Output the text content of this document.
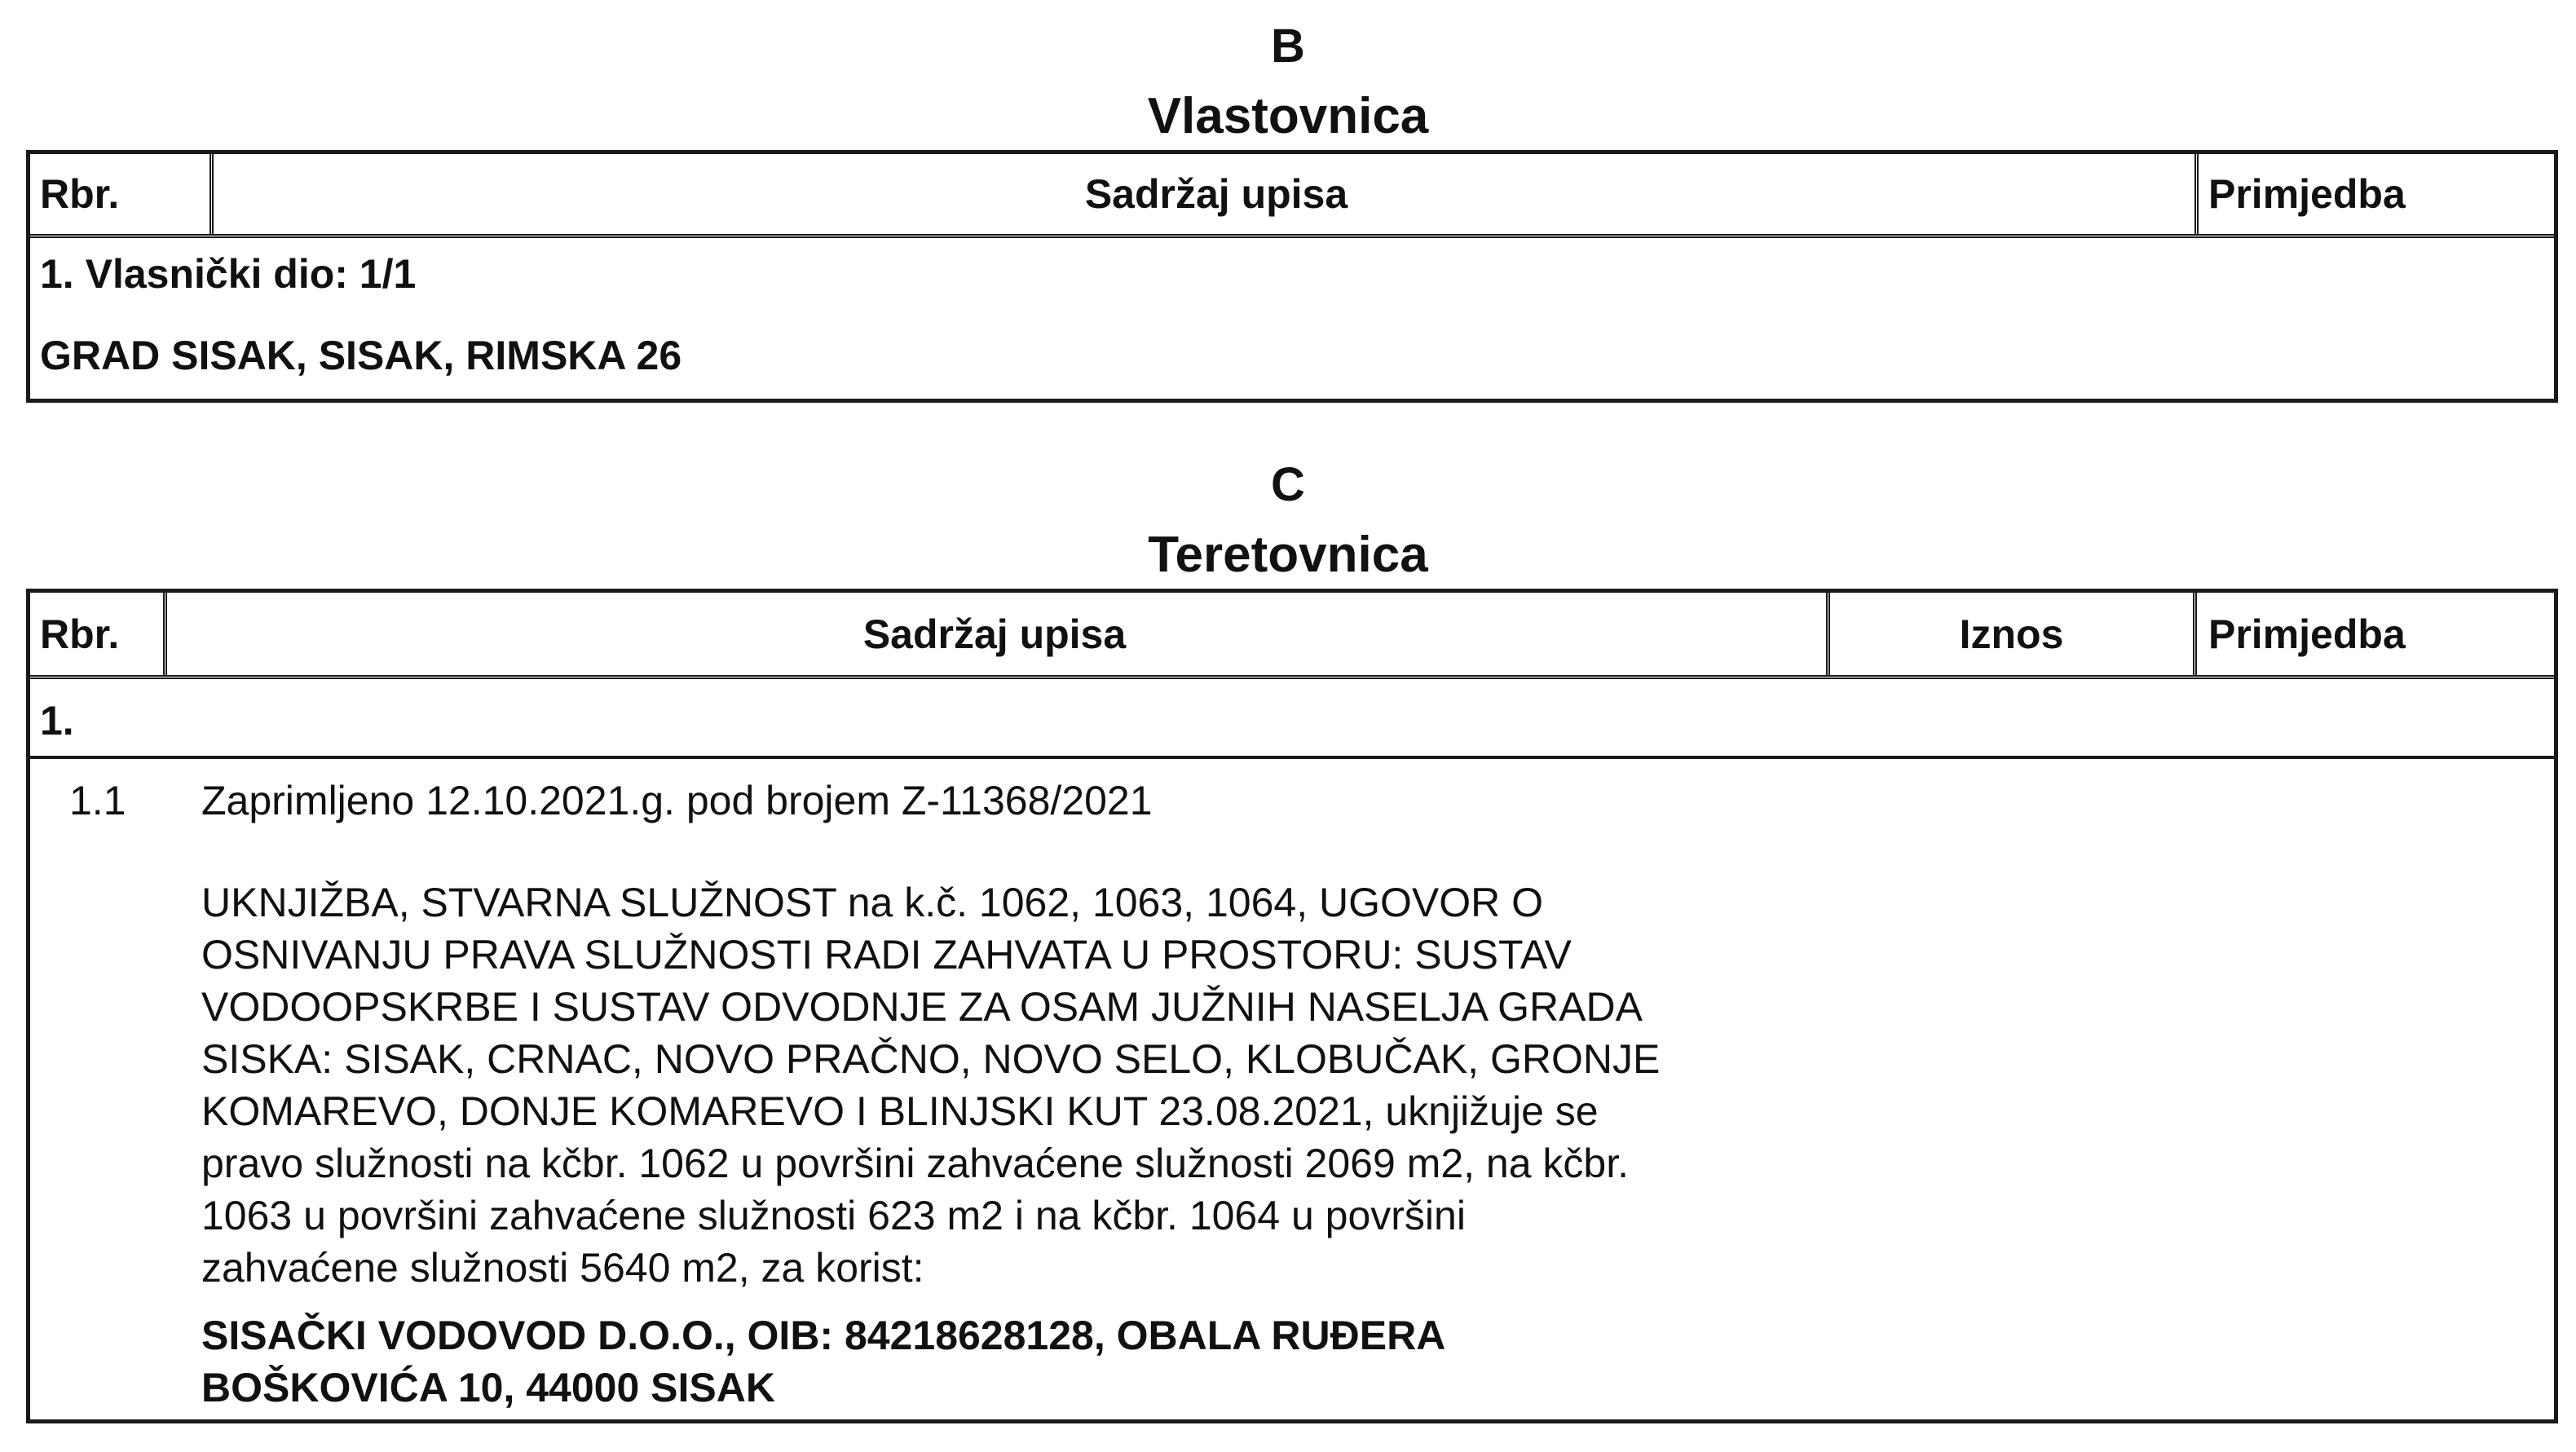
B
Vlastovnica
Rbr.	Sadržaj upisa	Primjedba
1. Vlasnički dio: 1/1
GRAD SISAK, SISAK, RIMSKA 26
C
Teretovnica
Rbr.	Sadržaj upisa	Iznos	Primjedba
1.
1.1 Zaprimljeno 12.10.2021.g. pod brojem Z-11368/2021
UKNJIŽBA, STVARNA SLUŽNOST na k.č. 1062, 1063, 1064, UGOVOR O
OSNIVANJU PRAVA SLUŽNOSTI RADI ZAHVATA U PROSTORU: SUSTAV
VODOOPSKRBE I SUSTAV ODVODNJE ZA OSAM JUŽNIH NASELJA GRADA
SISKA: SISAK, CRNAC, NOVO PRAČNO, NOVO SELO, KLOBUČAK, GRONJE
KOMAREVO, DONJE KOMAREVO I BLINJSKI KUT 23.08.2021, uknjižuje se
pravo služnosti na kčbr. 1062 u površini zahvaćene služnosti 2069 m2, na kčbr.
1063 u površini zahvaćene služnosti 623 m2 i na kčbr. 1064 u površini
zahvaćene služnosti 5640 m2, za korist:
SISAČKI VODOVOD D.O.O., OIB: 84218628128, OBALA RUĐERA
BOŠKOVIĆA 10, 44000 SISAK
